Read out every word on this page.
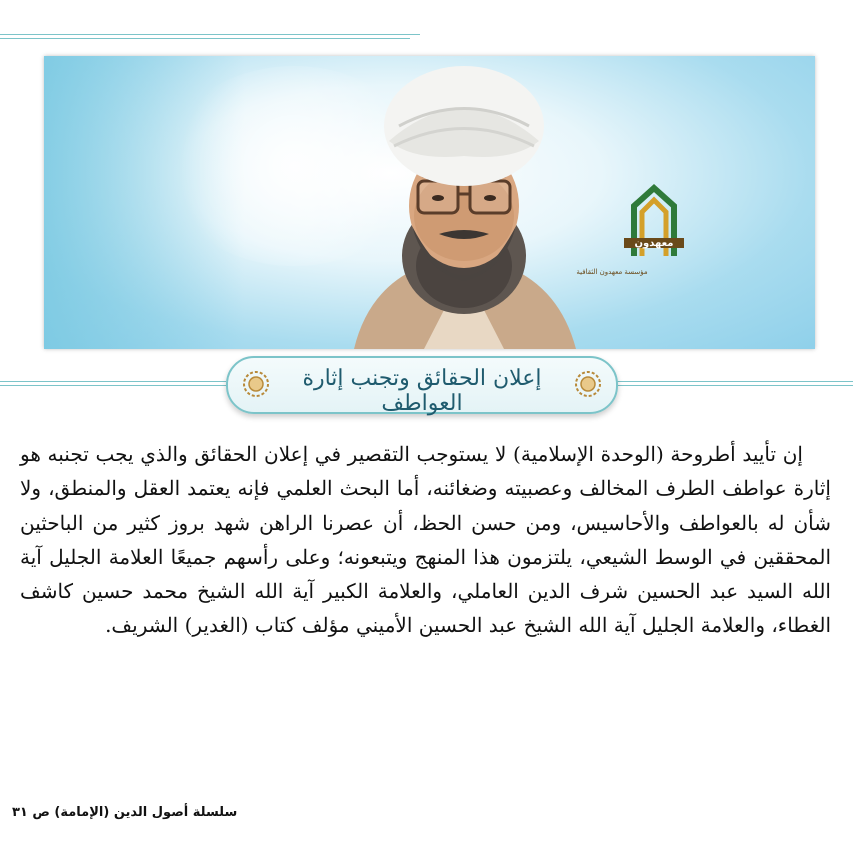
معهدون
مؤسسة معهدون الثقافية
إعلان الحقائق وتجنب إثارة العواطف

إن تأييد أطروحة (الوحدة الإسلامية) لا يستوجب التقصير في إعلان الحقائق والذي يجب تجنبه هو إثارة عواطف الطرف المخالف وعصبيته وضغائنه، أما البحث العلمي فإنه يعتمد العقل والمنطق، ولا شأن له بالعواطف والأحاسيس، ومن حسن الحظ، أن عصرنا الراهن شهد بروز كثير من الباحثين المحققين في الوسط الشيعي، يلتزمون هذا المنهج ويتبعونه؛ وعلى رأسهم جميعًا العلامة الجليل آية الله السيد عبد الحسين شرف الدين العاملي، والعلامة الكبير آية الله الشيخ محمد حسين كاشف الغطاء، والعلامة الجليل آية الله الشيخ عبد الحسين الأميني مؤلف كتاب (الغدير) الشريف.

سلسلة أصول الدين (الإمامة) ص ٣١
